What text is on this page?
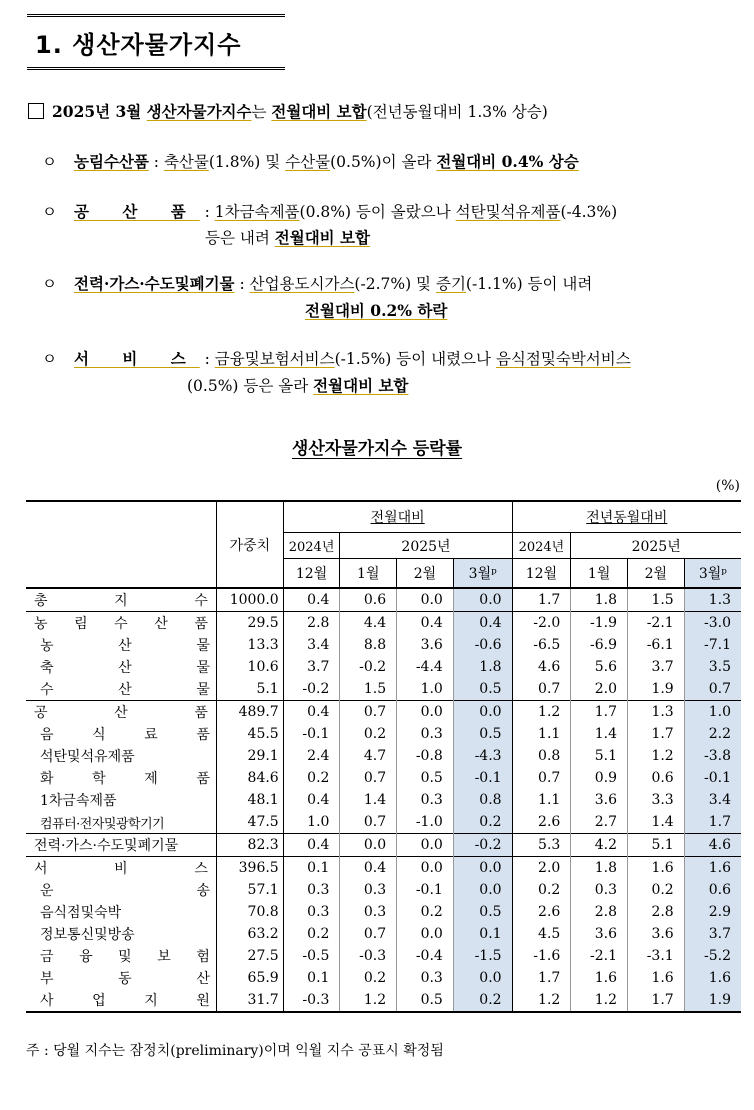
1. 생산자물가지수
2025년 3월 생산자물가지수는 전월대비 보합(전년동월대비 1.3% 상승)
ㅇ 농림수산품 : 축산물(1.8%) 및 수산물(0.5%)이 올라 전월대비 0.4% 상승
ㅇ 공 산 품 : 1차금속제품(0.8%) 등이 올랐으나 석탄및석유제품(-4.3%)
등은 내려 전월대비 보합
ㅇ 전력·가스·수도및폐기물 : 산업용도시가스(-2.7%) 및 증기(-1.1%) 등이 내려
전월대비 0.2% 하락
ㅇ 서 비 스 : 금융및보험서비스(-1.5%) 등이 내렸으나 음식점및숙박서비스
(0.5%) 등은 올라 전월대비 보합
생산자물가지수 등락률
(%)
	가중치	전월대비				전년동월대비			
		2024년	2025년			2024년	2025년		
		12월	1월	2월	3월ᵖ	12월	1월	2월	3월ᵖ
총 지 수	1000.0	0.4	0.6	0.0	0.0	1.7	1.8	1.5	1.3
농 림 수 산 품	29.5	2.8	4.4	0.4	0.4	-2.0	-1.9	-2.1	-3.0
농 산 물	13.3	3.4	8.8	3.6	-0.6	-6.5	-6.9	-6.1	-7.1
축 산 물	10.6	3.7	-0.2	-4.4	1.8	4.6	5.6	3.7	3.5
수 산 물	5.1	-0.2	1.5	1.0	0.5	0.7	2.0	1.9	0.7
공 산 품	489.7	0.4	0.7	0.0	0.0	1.2	1.7	1.3	1.0
음 식 료 품	45.5	-0.1	0.2	0.3	0.5	1.1	1.4	1.7	2.2
석탄및석유제품	29.1	2.4	4.7	-0.8	-4.3	0.8	5.1	1.2	-3.8
화 학 제 품	84.6	0.2	0.7	0.5	-0.1	0.7	0.9	0.6	-0.1
1차금속제품	48.1	0.4	1.4	0.3	0.8	1.1	3.6	3.3	3.4
컴퓨터·전자및광학기기	47.5	1.0	0.7	-1.0	0.2	2.6	2.7	1.4	1.7
전력·가스·수도및폐기물	82.3	0.4	0.0	0.0	-0.2	5.3	4.2	5.1	4.6
서 비 스	396.5	0.1	0.4	0.0	0.0	2.0	1.8	1.6	1.6
운 송	57.1	0.3	0.3	-0.1	0.0	0.2	0.3	0.2	0.6
음식점및숙박	70.8	0.3	0.3	0.2	0.5	2.6	2.8	2.8	2.9
정보통신및방송	63.2	0.2	0.7	0.0	0.1	4.5	3.6	3.6	3.7
금 융 및 보 험	27.5	-0.5	-0.3	-0.4	-1.5	-1.6	-2.1	-3.1	-5.2
부 동 산	65.9	0.1	0.2	0.3	0.0	1.7	1.6	1.6	1.6
사 업 지 원	31.7	-0.3	1.2	0.5	0.2	1.2	1.2	1.7	1.9
주 : 당월 지수는 잠정치(preliminary)이며 익월 지수 공표시 확정됨
